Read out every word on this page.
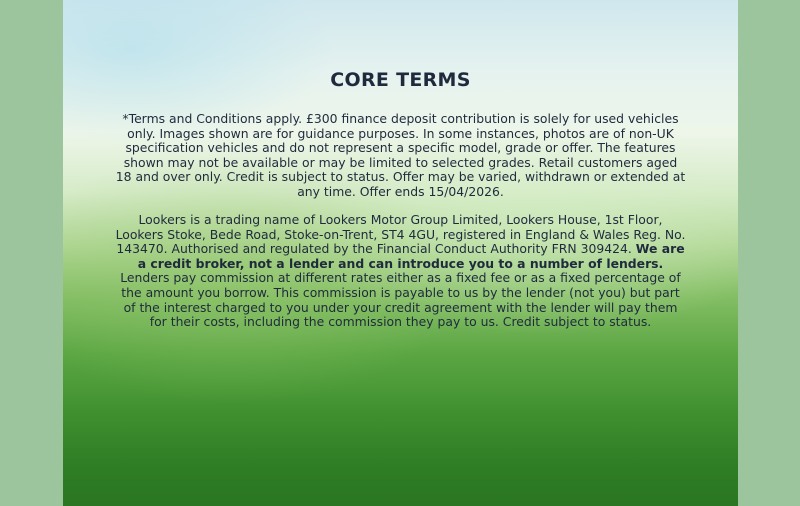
CORE TERMS
*Terms and Conditions apply. £300 finance deposit contribution is solely for used vehicles only. Images shown are for guidance purposes. In some instances, photos are of non-UK specification vehicles and do not represent a specific model, grade or offer. The features shown may not be available or may be limited to selected grades. Retail customers aged 18 and over only. Credit is subject to status. Offer may be varied, withdrawn or extended at any time. Offer ends 15/04/2026.
Lookers is a trading name of Lookers Motor Group Limited, Lookers House, 1st Floor, Lookers Stoke, Bede Road, Stoke-on-Trent, ST4 4GU, registered in England & Wales Reg. No. 143470. Authorised and regulated by the Financial Conduct Authority FRN 309424. We are a credit broker, not a lender and can introduce you to a number of lenders. Lenders pay commission at different rates either as a fixed fee or as a fixed percentage of the amount you borrow. This commission is payable to us by the lender (not you) but part of the interest charged to you under your credit agreement with the lender will pay them for their costs, including the commission they pay to us. Credit subject to status.
